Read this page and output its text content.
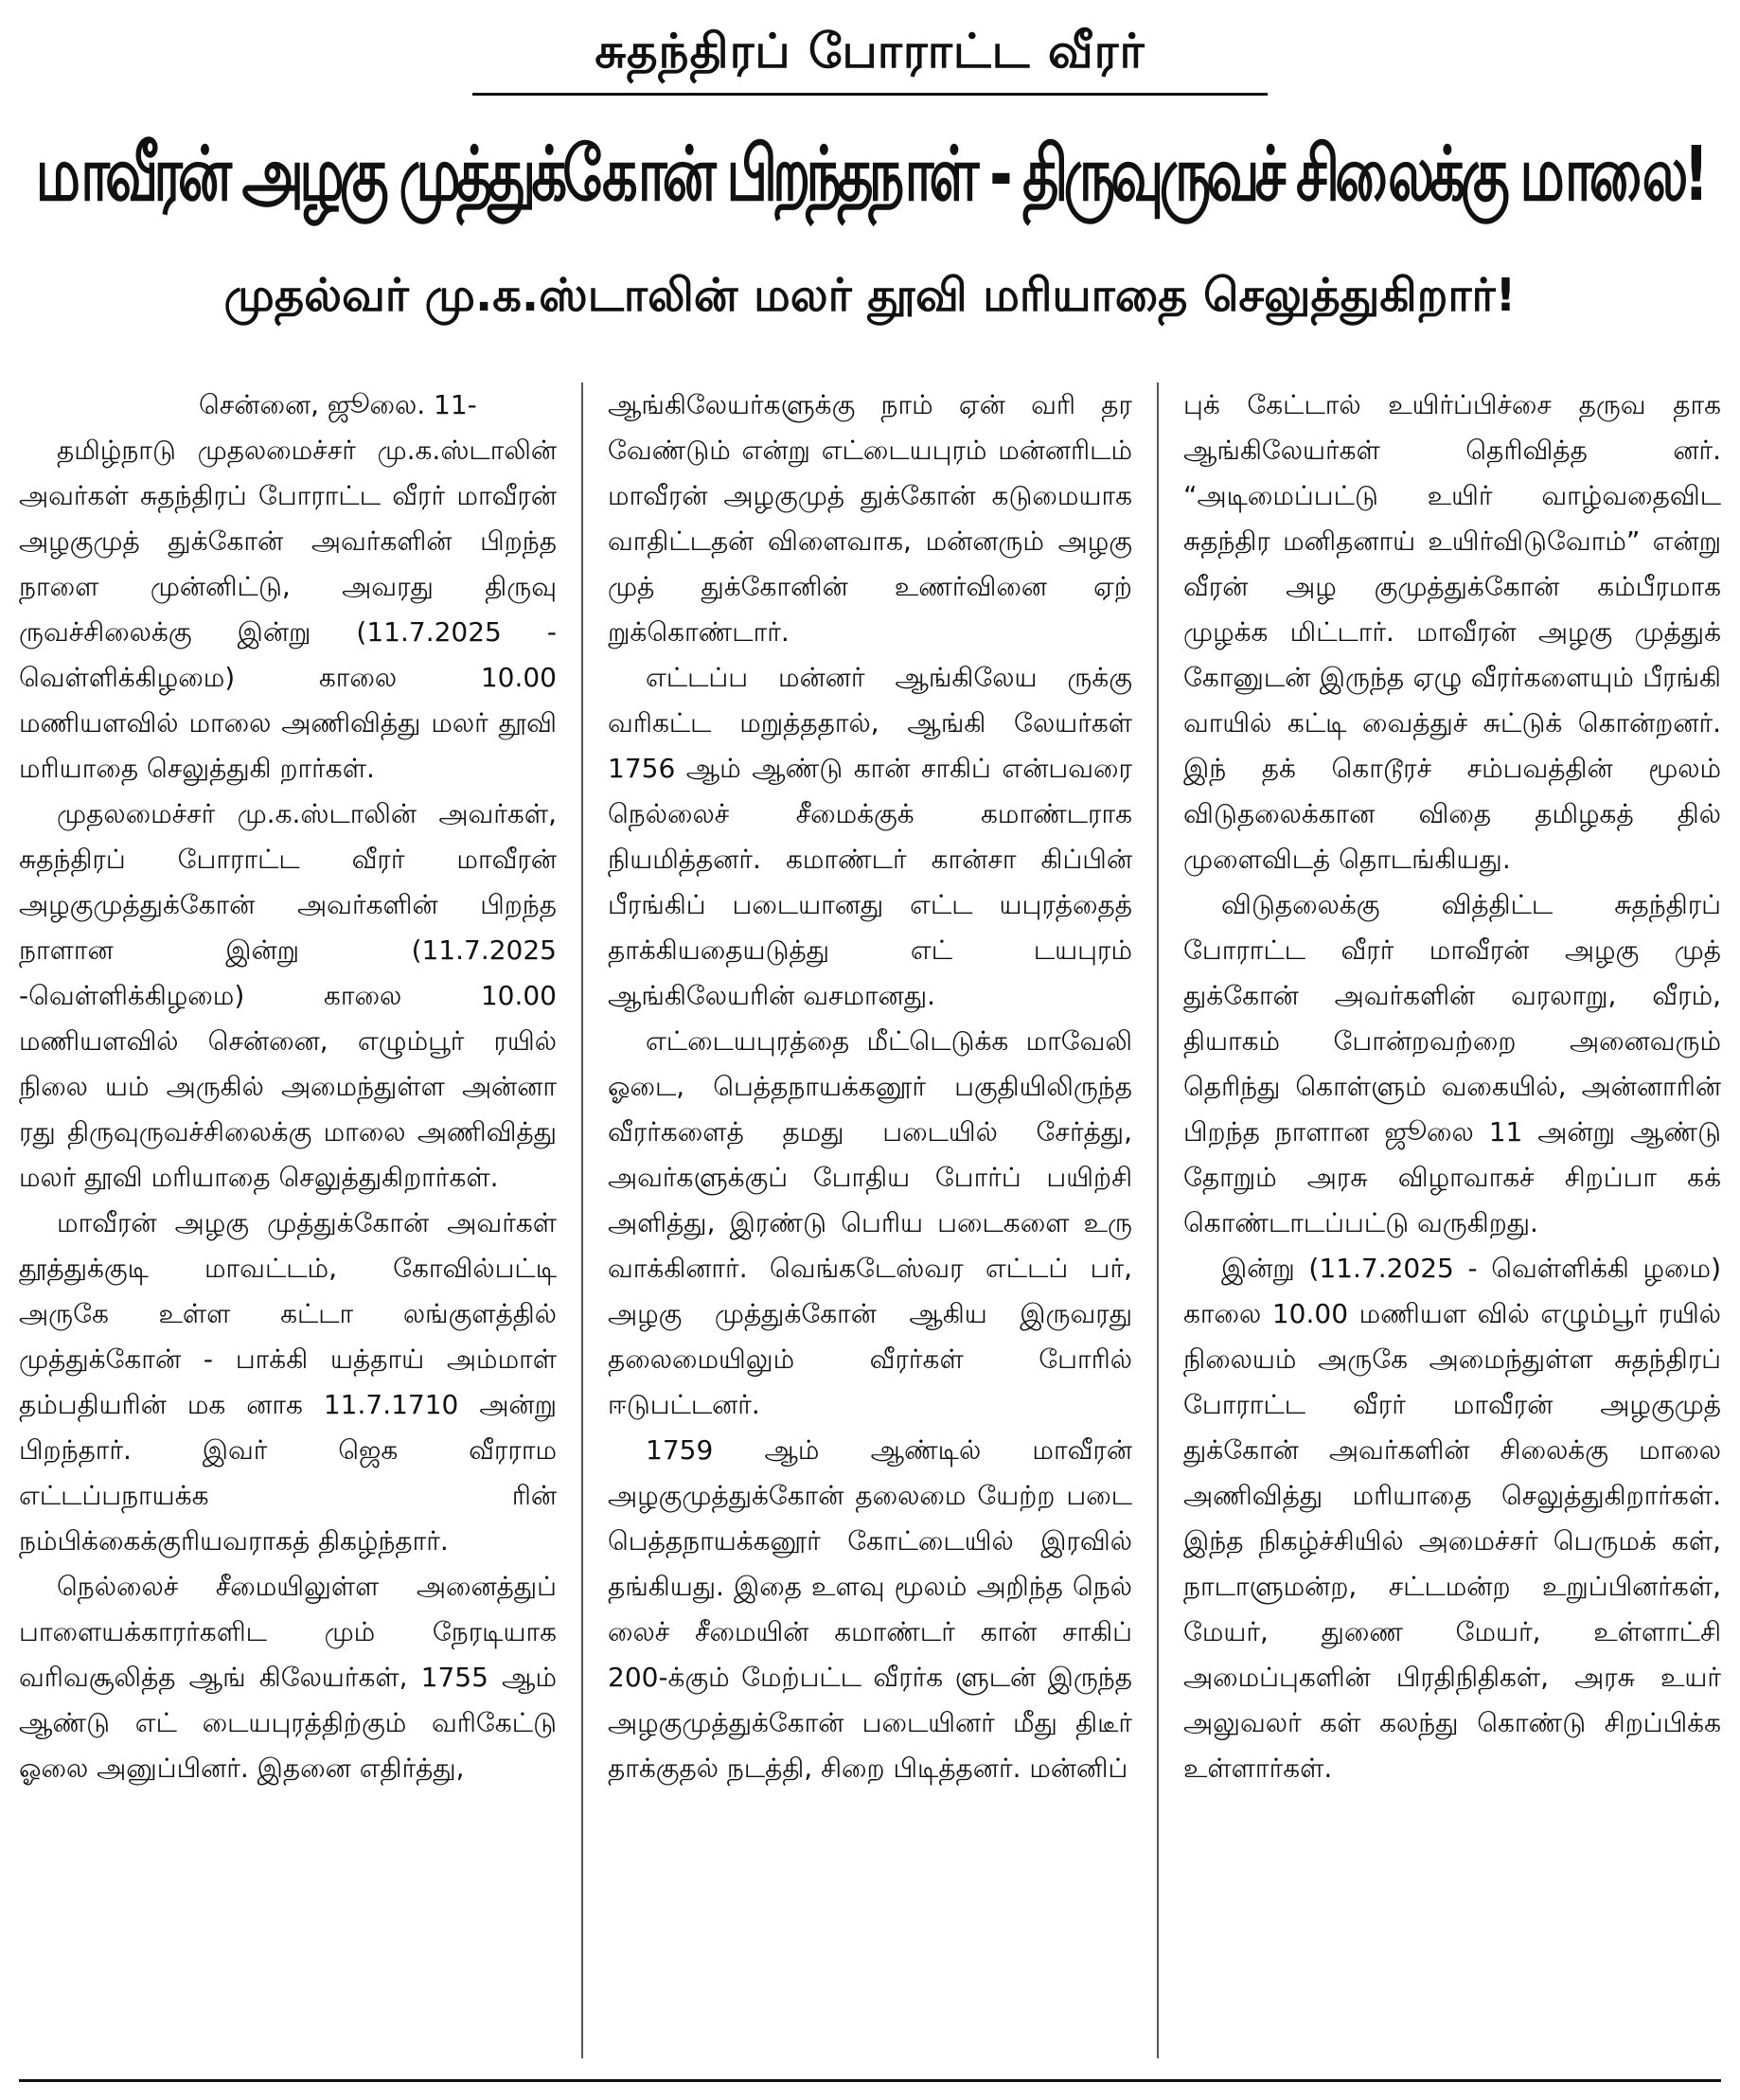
சுதந்திரப் போராட்ட வீரர்
மாவீரன் அழகு முத்துக்கோன் பிறந்தநாள் - திருவுருவச் சிலைக்கு மாலை!
முதல்வர் மு.க.ஸ்டாலின் மலர் தூவி மரியாதை செலுத்துகிறார்!

சென்னை, ஜூலை. 11-

தமிழ்நாடு முதலமைச்சர் மு.க.ஸ்டாலின் அவர்கள் சுதந்திரப் போராட்ட வீரர் மாவீரன் அழகுமுத் துக்கோன் அவர்களின் பிறந்த நாளை முன்னிட்டு, அவரது திருவு ருவச்சிலைக்கு இன்று (11.7.2025 - வெள்ளிக்கிழமை) காலை 10.00 மணியளவில் மாலை அணிவித்து மலர் தூவி மரியாதை செலுத்துகி றார்கள்.

முதலமைச்சர் மு.க.ஸ்டாலின் அவர்கள், சுதந்திரப் போராட்ட வீரர் மாவீரன் அழகுமுத்துக்கோன் அவர்களின் பிறந்த நாளான இன்று (11.7.2025 -வெள்ளிக்கிழமை) காலை 10.00 மணியளவில் சென்னை, எழும்பூர் ரயில் நிலை யம் அருகில் அமைந்துள்ள அன்னா ரது திருவுருவச்சிலைக்கு மாலை அணிவித்து மலர் தூவி மரியாதை செலுத்துகிறார்கள்.

மாவீரன் அழகு முத்துக்கோன் அவர்கள் தூத்துக்குடி மாவட்டம், கோவில்பட்டி அருகே உள்ள கட்டா லங்குளத்தில் முத்துக்கோன் - பாக்கி யத்தாய் அம்மாள் தம்பதியரின் மக னாக 11.7.1710 அன்று பிறந்தார். இவர் ஜெக வீரராம எட்டப்பநாயக்க ரின் நம்பிக்கைக்குரியவராகத் திகழ்ந்தார்.

நெல்லைச் சீமையிலுள்ள அனைத்துப் பாளையக்காரர்களிட மும் நேரடியாக வரிவசூலித்த ஆங் கிலேயர்கள், 1755 ஆம் ஆண்டு எட் டையபுரத்திற்கும் வரிகேட்டு ஓலை அனுப்பினர். இதனை எதிர்த்து,

ஆங்கிலேயர்களுக்கு நாம் ஏன் வரி தர வேண்டும் என்று எட்டையபுரம் மன்னரிடம் மாவீரன் அழகுமுத் துக்கோன் கடுமையாக வாதிட்டதன் விளைவாக, மன்னரும் அழகு முத் துக்கோனின் உணர்வினை ஏற் றுக்கொண்டார்.

எட்டப்ப மன்னர் ஆங்கிலேய ருக்கு வரிகட்ட மறுத்ததால், ஆங்கி லேயர்கள் 1756 ஆம் ஆண்டு கான் சாகிப் என்பவரை நெல்லைச் சீமைக்குக் கமாண்டராக நியமித்தனர். கமாண்டர் கான்சா கிப்பின் பீரங்கிப் படையானது எட்ட யபுரத்தைத் தாக்கியதையடுத்து எட் டயபுரம் ஆங்கிலேயரின் வசமானது.

எட்டையபுரத்தை மீட்டெடுக்க மாவேலி ஓடை, பெத்தநாயக்கனூர் பகுதியிலிருந்த வீரர்களைத் தமது படையில் சேர்த்து, அவர்களுக்குப் போதிய போர்ப் பயிற்சி அளித்து, இரண்டு பெரிய படைகளை உரு வாக்கினார். வெங்கடேஸ்வர எட்டப் பர், அழகு முத்துக்கோன் ஆகிய இருவரது தலைமையிலும் வீரர்கள் போரில் ஈடுபட்டனர்.

1759 ஆம் ஆண்டில் மாவீரன் அழகுமுத்துக்கோன் தலைமை யேற்ற படை பெத்தநாயக்கனூர் கோட்டையில் இரவில் தங்கியது. இதை உளவு மூலம் அறிந்த நெல் லைச் சீமையின் கமாண்டர் கான் சாகிப் 200-க்கும் மேற்பட்ட வீரர்க ளுடன் இருந்த அழகுமுத்துக்கோன் படையினர் மீது திடீர் தாக்குதல் நடத்தி, சிறை பிடித்தனர். மன்னிப்

புக் கேட்டால் உயிர்ப்பிச்சை தருவ தாக ஆங்கிலேயர்கள் தெரிவித்த னர். “அடிமைப்பட்டு உயிர் வாழ்வதைவிட சுதந்திர மனிதனாய் உயிர்விடுவோம்” என்று வீரன் அழ குமுத்துக்கோன் கம்பீரமாக முழக்க மிட்டார். மாவீரன் அழகு முத்துக் கோனுடன் இருந்த ஏழு வீரர்களையும் பீரங்கி வாயில் கட்டி வைத்துச் சுட்டுக் கொன்றனர். இந் தக் கொடூரச் சம்பவத்தின் மூலம் விடுதலைக்கான விதை தமிழகத் தில் முளைவிடத் தொடங்கியது.

விடுதலைக்கு வித்திட்ட சுதந்திரப் போராட்ட வீரர் மாவீரன் அழகு முத் துக்கோன் அவர்களின் வரலாறு, வீரம், தியாகம் போன்றவற்றை அனைவரும் தெரிந்து கொள்ளும் வகையில், அன்னாரின் பிறந்த நாளான ஜூலை 11 அன்று ஆண்டு தோறும் அரசு விழாவாகச் சிறப்பா கக் கொண்டாடப்பட்டு வருகிறது.

இன்று (11.7.2025 - வெள்ளிக்கி ழமை) காலை 10.00 மணியள வில் எழும்பூர் ரயில் நிலையம் அருகே அமைந்துள்ள சுதந்திரப் போராட்ட வீரர் மாவீரன் அழகுமுத் துக்கோன் அவர்களின் சிலைக்கு மாலை அணிவித்து மரியாதை செலுத்துகிறார்கள். இந்த நிகழ்ச்சியில் அமைச்சர் பெருமக் கள், நாடாளுமன்ற, சட்டமன்ற உறுப்பினர்கள், மேயர், துணை மேயர், உள்ளாட்சி அமைப்புகளின் பிரதிநிதிகள், அரசு உயர் அலுவலர் கள் கலந்து கொண்டு சிறப்பிக்க உள்ளார்கள்.
